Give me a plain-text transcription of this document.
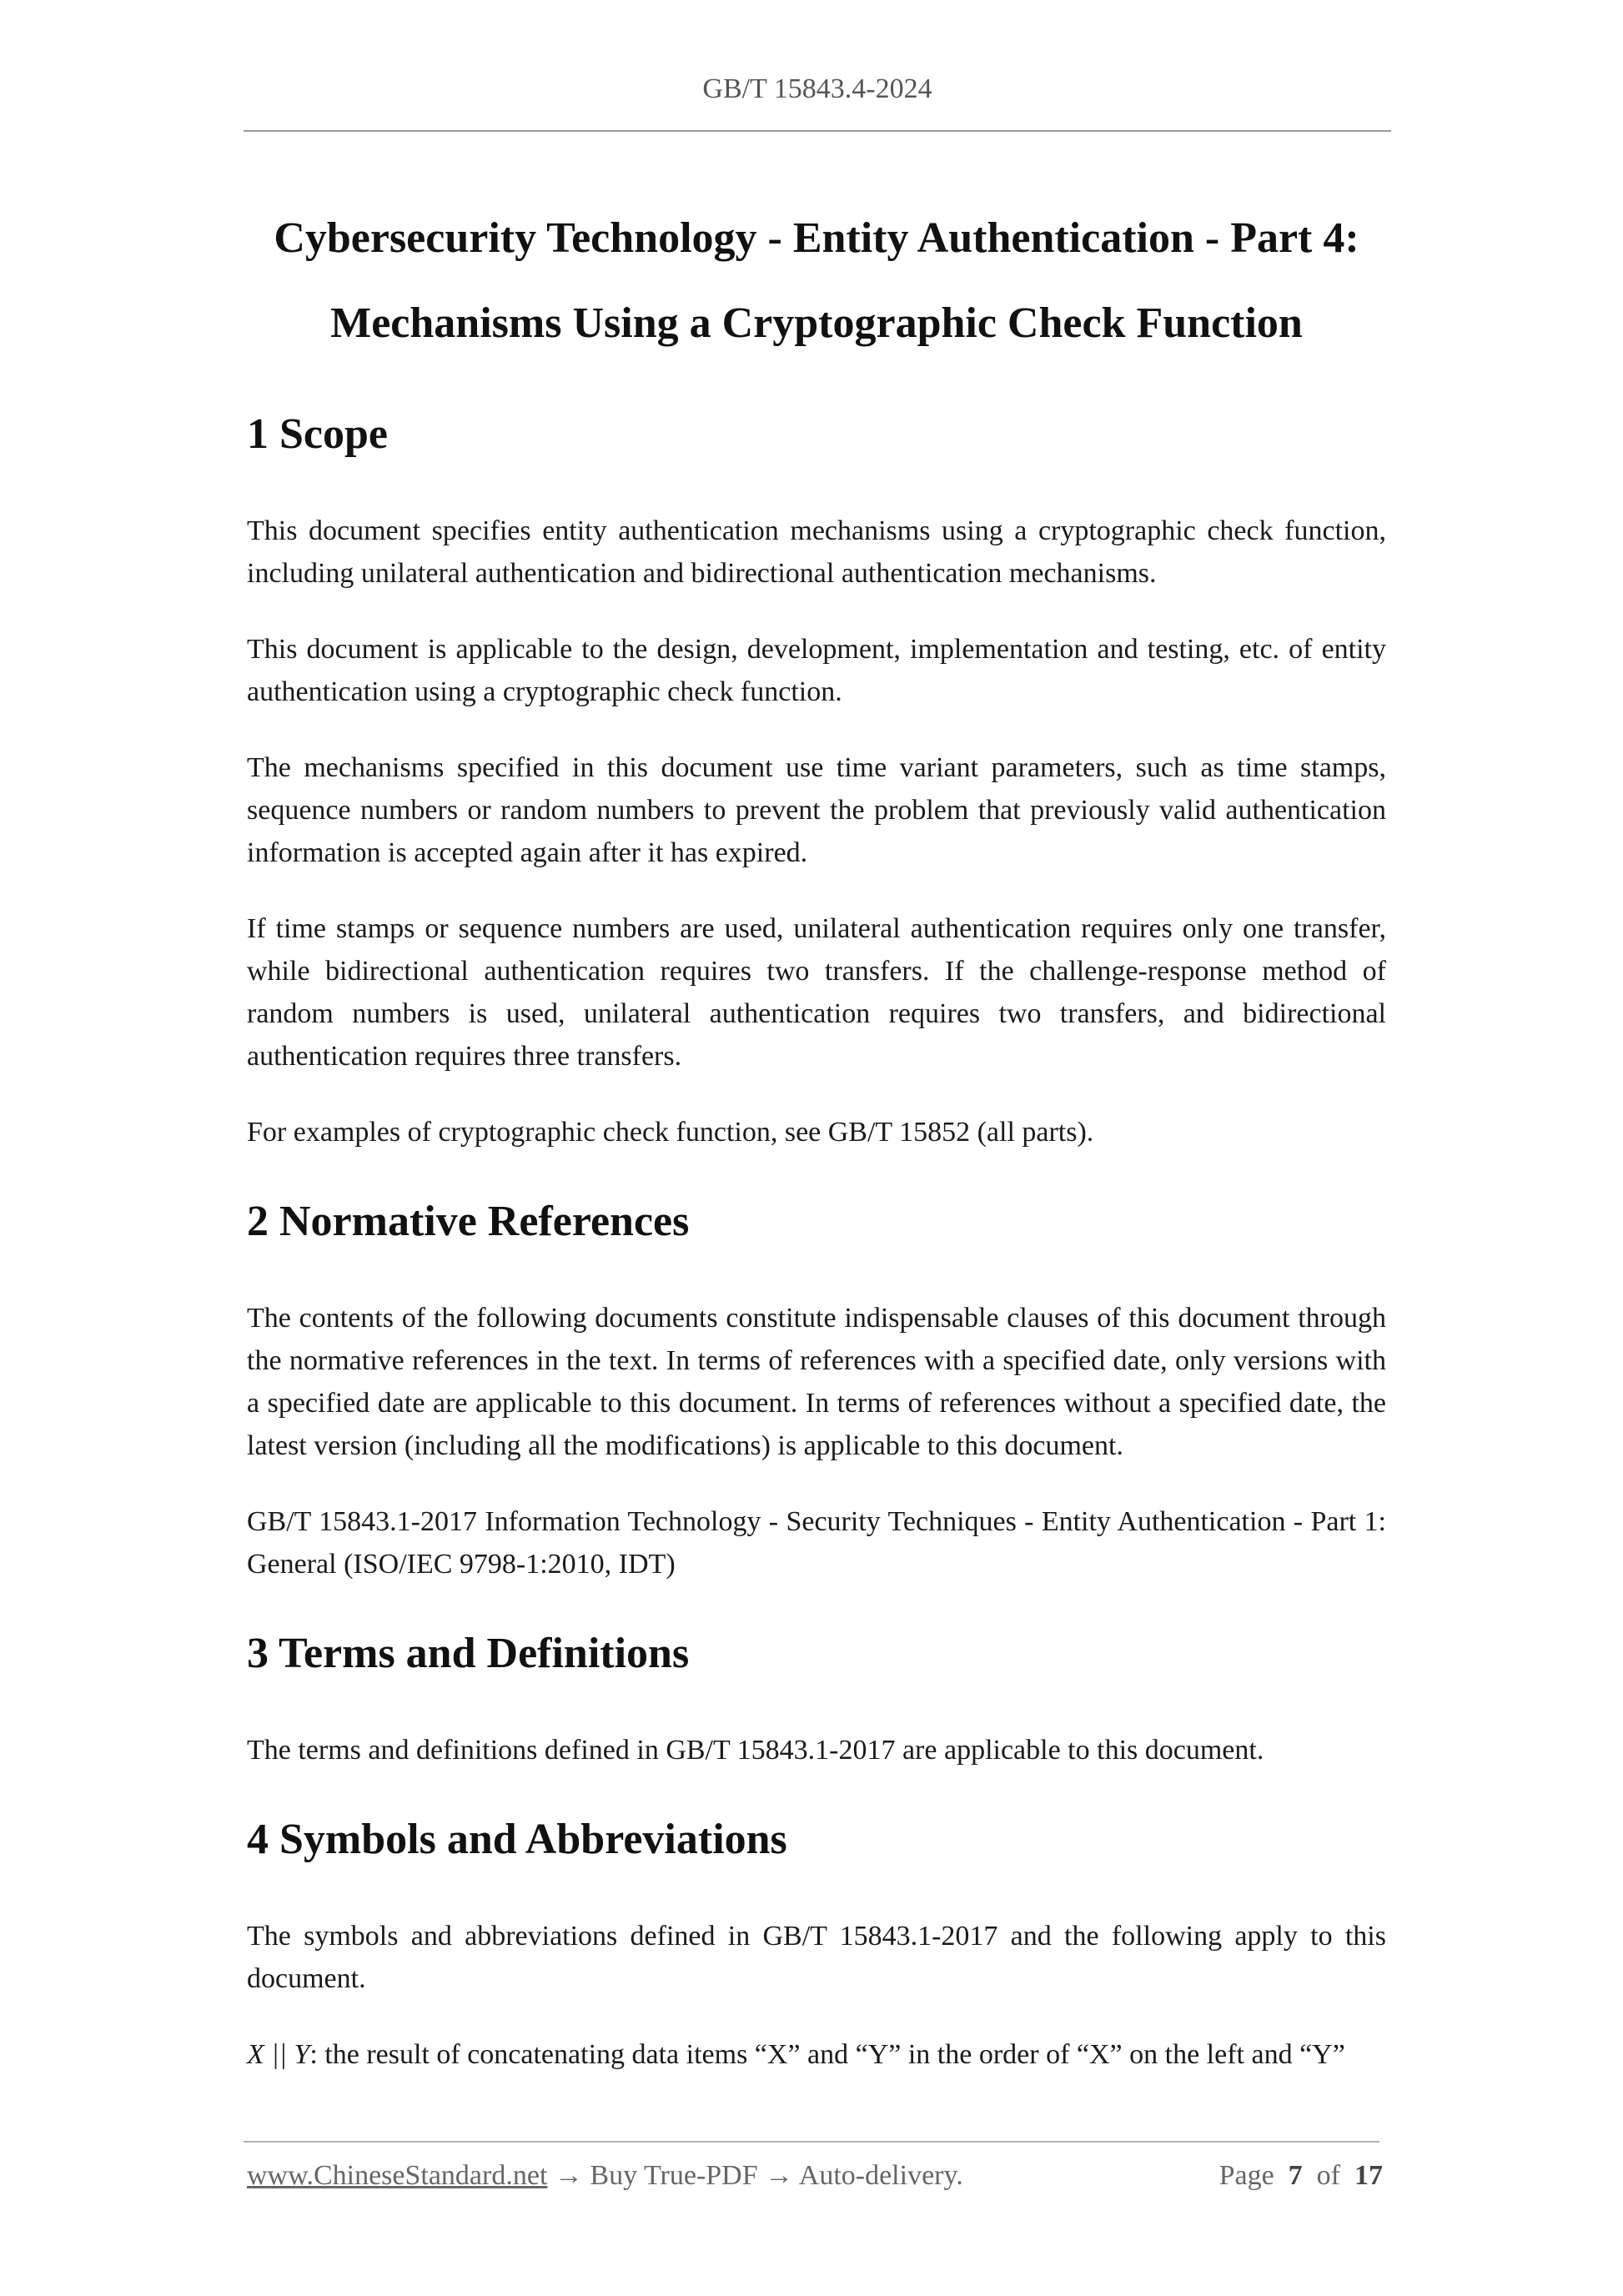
GB/T 15843.4-2024
Cybersecurity Technology - Entity Authentication - Part 4:
Mechanisms Using a Cryptographic Check Function
1 Scope

This document specifies entity authentication mechanisms using a cryptographic check function, including unilateral authentication and bidirectional authentication mechanisms.

This document is applicable to the design, development, implementation and testing, etc. of entity authentication using a cryptographic check function.

The mechanisms specified in this document use time variant parameters, such as time stamps, sequence numbers or random numbers to prevent the problem that previously valid authentication information is accepted again after it has expired.

If time stamps or sequence numbers are used, unilateral authentication requires only one transfer, while bidirectional authentication requires two transfers. If the challenge-response method of random numbers is used, unilateral authentication requires two transfers, and bidirectional authentication requires three transfers.

For examples of cryptographic check function, see GB/T 15852 (all parts).

2 Normative References

The contents of the following documents constitute indispensable clauses of this document through the normative references in the text. In terms of references with a specified date, only versions with a specified date are applicable to this document. In terms of references without a specified date, the latest version (including all the modifications) is applicable to this document.

GB/T 15843.1-2017 Information Technology - Security Techniques - Entity Authentication - Part 1: General (ISO/IEC 9798-1:2010, IDT)

3 Terms and Definitions

The terms and definitions defined in GB/T 15843.1-2017 are applicable to this document.

4 Symbols and Abbreviations

The symbols and abbreviations defined in GB/T 15843.1-2017 and the following apply to this document.

X || Y: the result of concatenating data items “X” and “Y” in the order of “X” on the left and “Y”

www.ChineseStandard.net → Buy True-PDF → Auto-delivery.	Page 7 of 17
